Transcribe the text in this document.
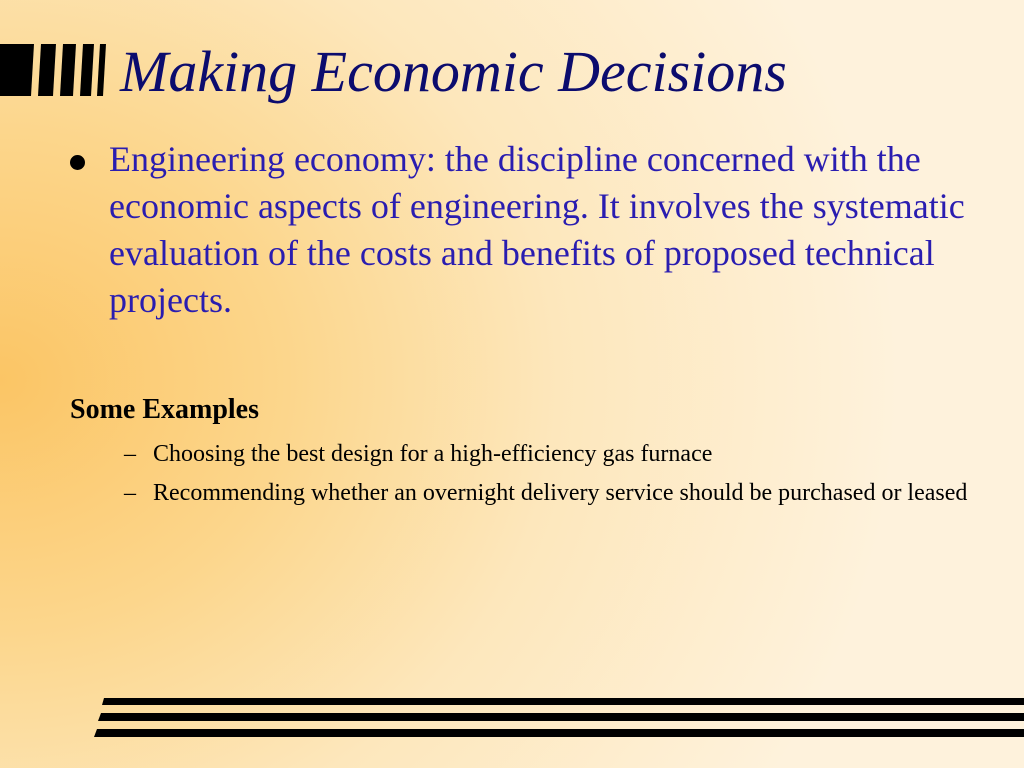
Making Economic Decisions

Engineering economy: the discipline concerned with the economic aspects of engineering. It involves the systematic evaluation of the costs and benefits of proposed technical projects.

Some Examples
– Choosing the best design for a high-efficiency gas furnace
– Recommending whether an overnight delivery service should be purchased or leased
